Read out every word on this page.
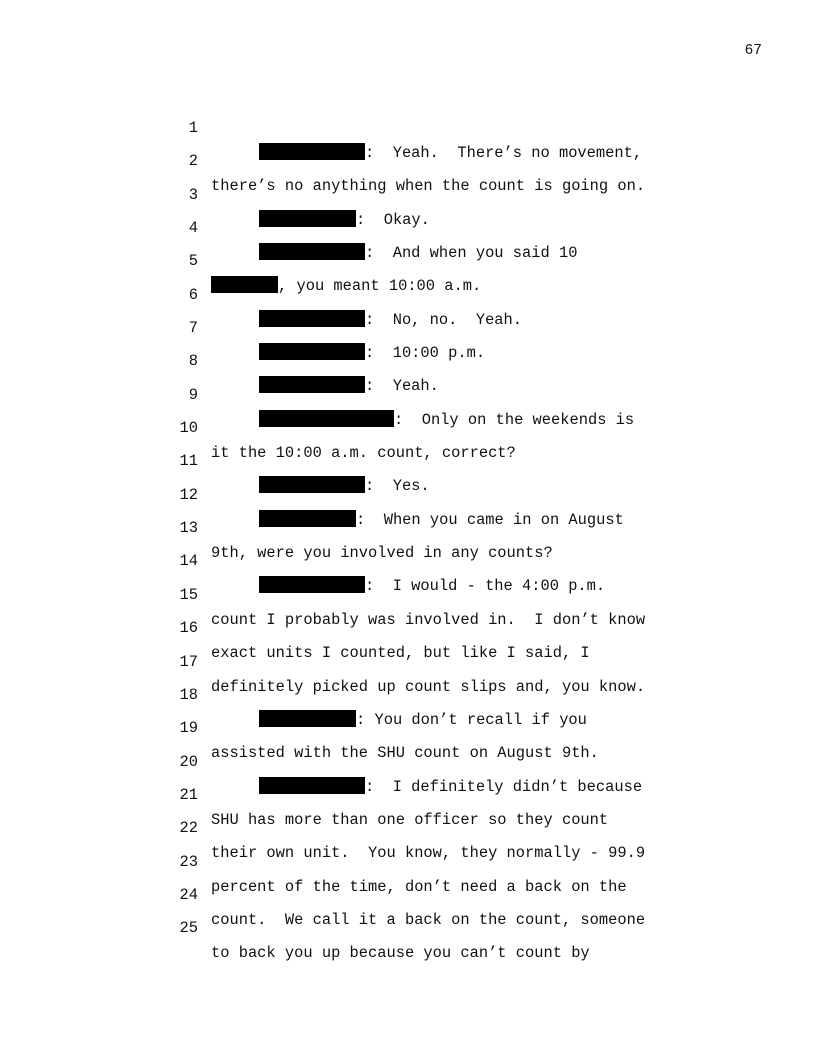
67

1

:  Yeah.  There’s no movement,

2

there’s no anything when the count is going on.

3

:  Okay.

4

:  And when you said 10

5

, you meant 10:00 a.m.

6

:  No, no.  Yeah.

7

:  10:00 p.m.

8

:  Yeah.

9

:  Only on the weekends is

10

it the 10:00 a.m. count, correct?

11

:  Yes.

12

:  When you came in on August

13

9th, were you involved in any counts?

14

:  I would - the 4:00 p.m.

15

count I probably was involved in.  I don’t know

16

exact units I counted, but like I said, I

17

definitely picked up count slips and, you know.

18

: You don’t recall if you

19

assisted with the SHU count on August 9th.

20

:  I definitely didn’t because

21

SHU has more than one officer so they count

22

their own unit.  You know, they normally - 99.9

23

percent of the time, don’t need a back on the

24

count.  We call it a back on the count, someone

25

to back you up because you can’t count by
